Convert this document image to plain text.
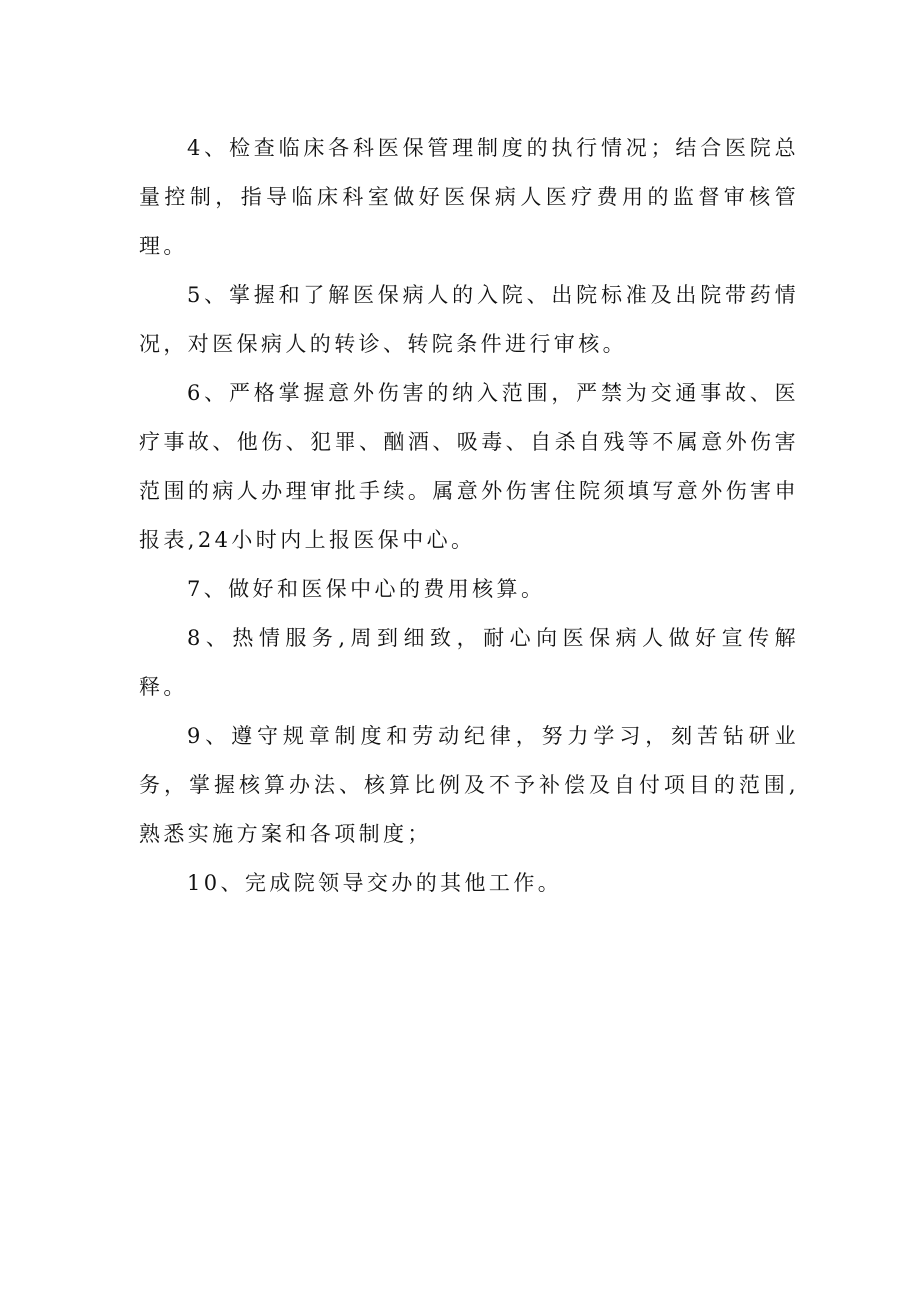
4、检查临床各科医保管理制度的执行情况；结合医院总量控制，指导临床科室做好医保病人医疗费用的监督审核管理。

5、掌握和了解医保病人的入院、出院标准及出院带药情况，对医保病人的转诊、转院条件进行审核。

6、严格掌握意外伤害的纳入范围，严禁为交通事故、医疗事故、他伤、犯罪、酗酒、吸毒、自杀自残等不属意外伤害范围的病人办理审批手续。属意外伤害住院须填写意外伤害申报表,24小时内上报医保中心。

7、做好和医保中心的费用核算。

8、热情服务,周到细致，耐心向医保病人做好宣传解释。

9、遵守规章制度和劳动纪律，努力学习，刻苦钻研业务，掌握核算办法、核算比例及不予补偿及自付项目的范围,熟悉实施方案和各项制度；

10、完成院领导交办的其他工作。
